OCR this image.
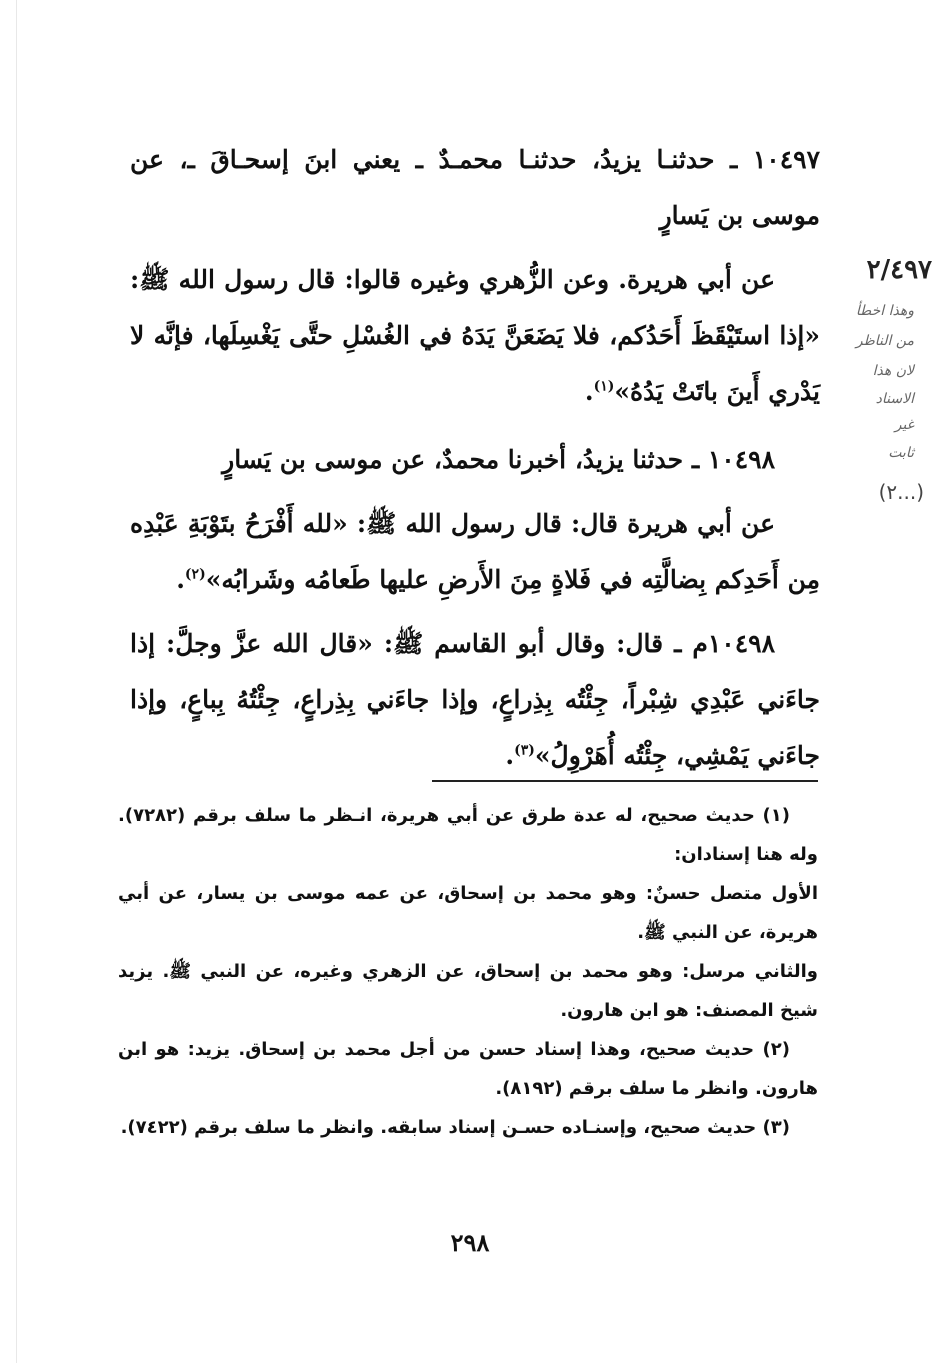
١٠٤٩٧ ـ حدثنـا يزيدُ، حدثنـا محمـدٌ ـ يعني ابنَ إسحـاقَ ـ، عن موسى بن يَسارٍ

عن أبي هريرة. وعن الزُّهري وغيره قالوا: قال رسول الله ﷺ: «إذا استَيْقَظَ أَحَدُكم، فلا يَضَعَنَّ يَدَهُ في الغُسْلِ حتَّى يَغْسِلَها، فإنَّه لا يَدْري أَينَ باتَتْ يَدُهُ»$^{(١)}$.

١٠٤٩٨ ـ حدثنا يزيدُ، أخبرنا محمدٌ، عن موسى بن يَسارٍ

عن أبي هريرة قال: قال رسول الله ﷺ: «لله أَفْرَحُ بتَوْبَةِ عَبْدِه مِن أَحَدِكم بِضالَّتِه في فَلاةٍ مِنَ الأَرضِ عليها طَعامُه وشَرابُه»$^{(٢)}$.

١٠٤٩٨م ـ قال: وقال أبو القاسم ﷺ: «قال الله عزَّ وجلَّ: إذا جاءَني عَبْدِي شِبْراً، جِئْتُه بِذِراعٍ، وإذا جاءَني بِذِراعٍ، جِئْتُهُ بِباعٍ، وإذا جاءَني يَمْشِي، جِئْتُه أُهَرْوِلُ»$^{(٣)}$.

٢/٤٩٧
وهذا اخطأ
من الناظر
لان هذا
الاسناد
غير
ثابت
(...٢)

(١) حديث صحيح، له عدة طرق عن أبي هريرة، انـظر ما سلف برقم (٧٢٨٢). وله هنا إسنادان:

الأول متصل حسنٌ: وهو محمد بن إسحاق، عن عمه موسى بن يسار، عن أبي هريرة، عن النبي ﷺ.

والثاني مرسل: وهو محمد بن إسحاق، عن الزهري وغيره، عن النبي ﷺ. يزيد شيخ المصنف: هو ابن هارون.

(٢) حديث صحيح، وهذا إسناد حسن من أجل محمد بن إسحاق. يزيد: هو ابن هارون. وانظر ما سلف برقم (٨١٩٢).

(٣) حديث صحيح، وإسنـاده حسـن إسناد سابقه. وانظر ما سلف برقم (٧٤٢٢).

٢٩٨
